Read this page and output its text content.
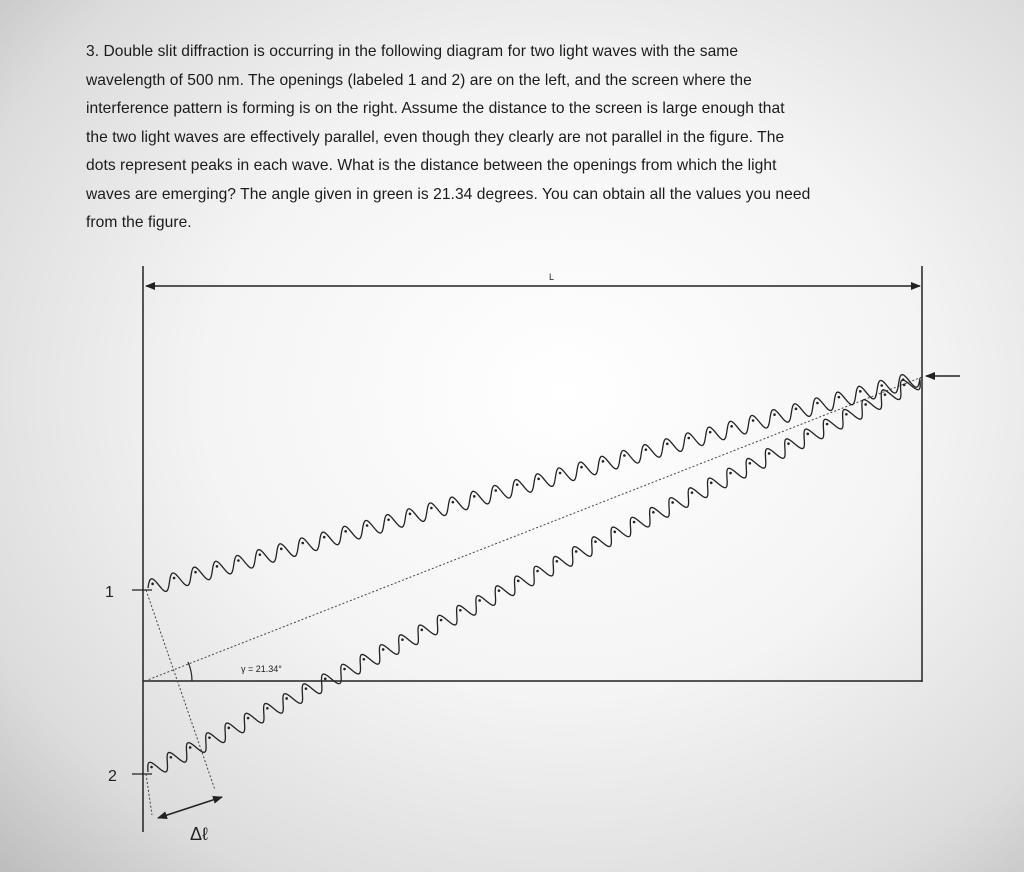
3. Double slit diffraction is occurring in the following diagram for two light waves with the same
wavelength of 500 nm. The openings (labeled 1 and 2) are on the left, and the screen where the
interference pattern is forming is on the right. Assume the distance to the screen is large enough that
the two light waves are effectively parallel, even though they clearly are not parallel in the figure. The
dots represent peaks in each wave. What is the distance between the openings from which the light
waves are emerging? The angle given in green is 21.34 degrees. You can obtain all the values you need
from the figure.
L
1
2
γ = 21.34°
Δℓ
